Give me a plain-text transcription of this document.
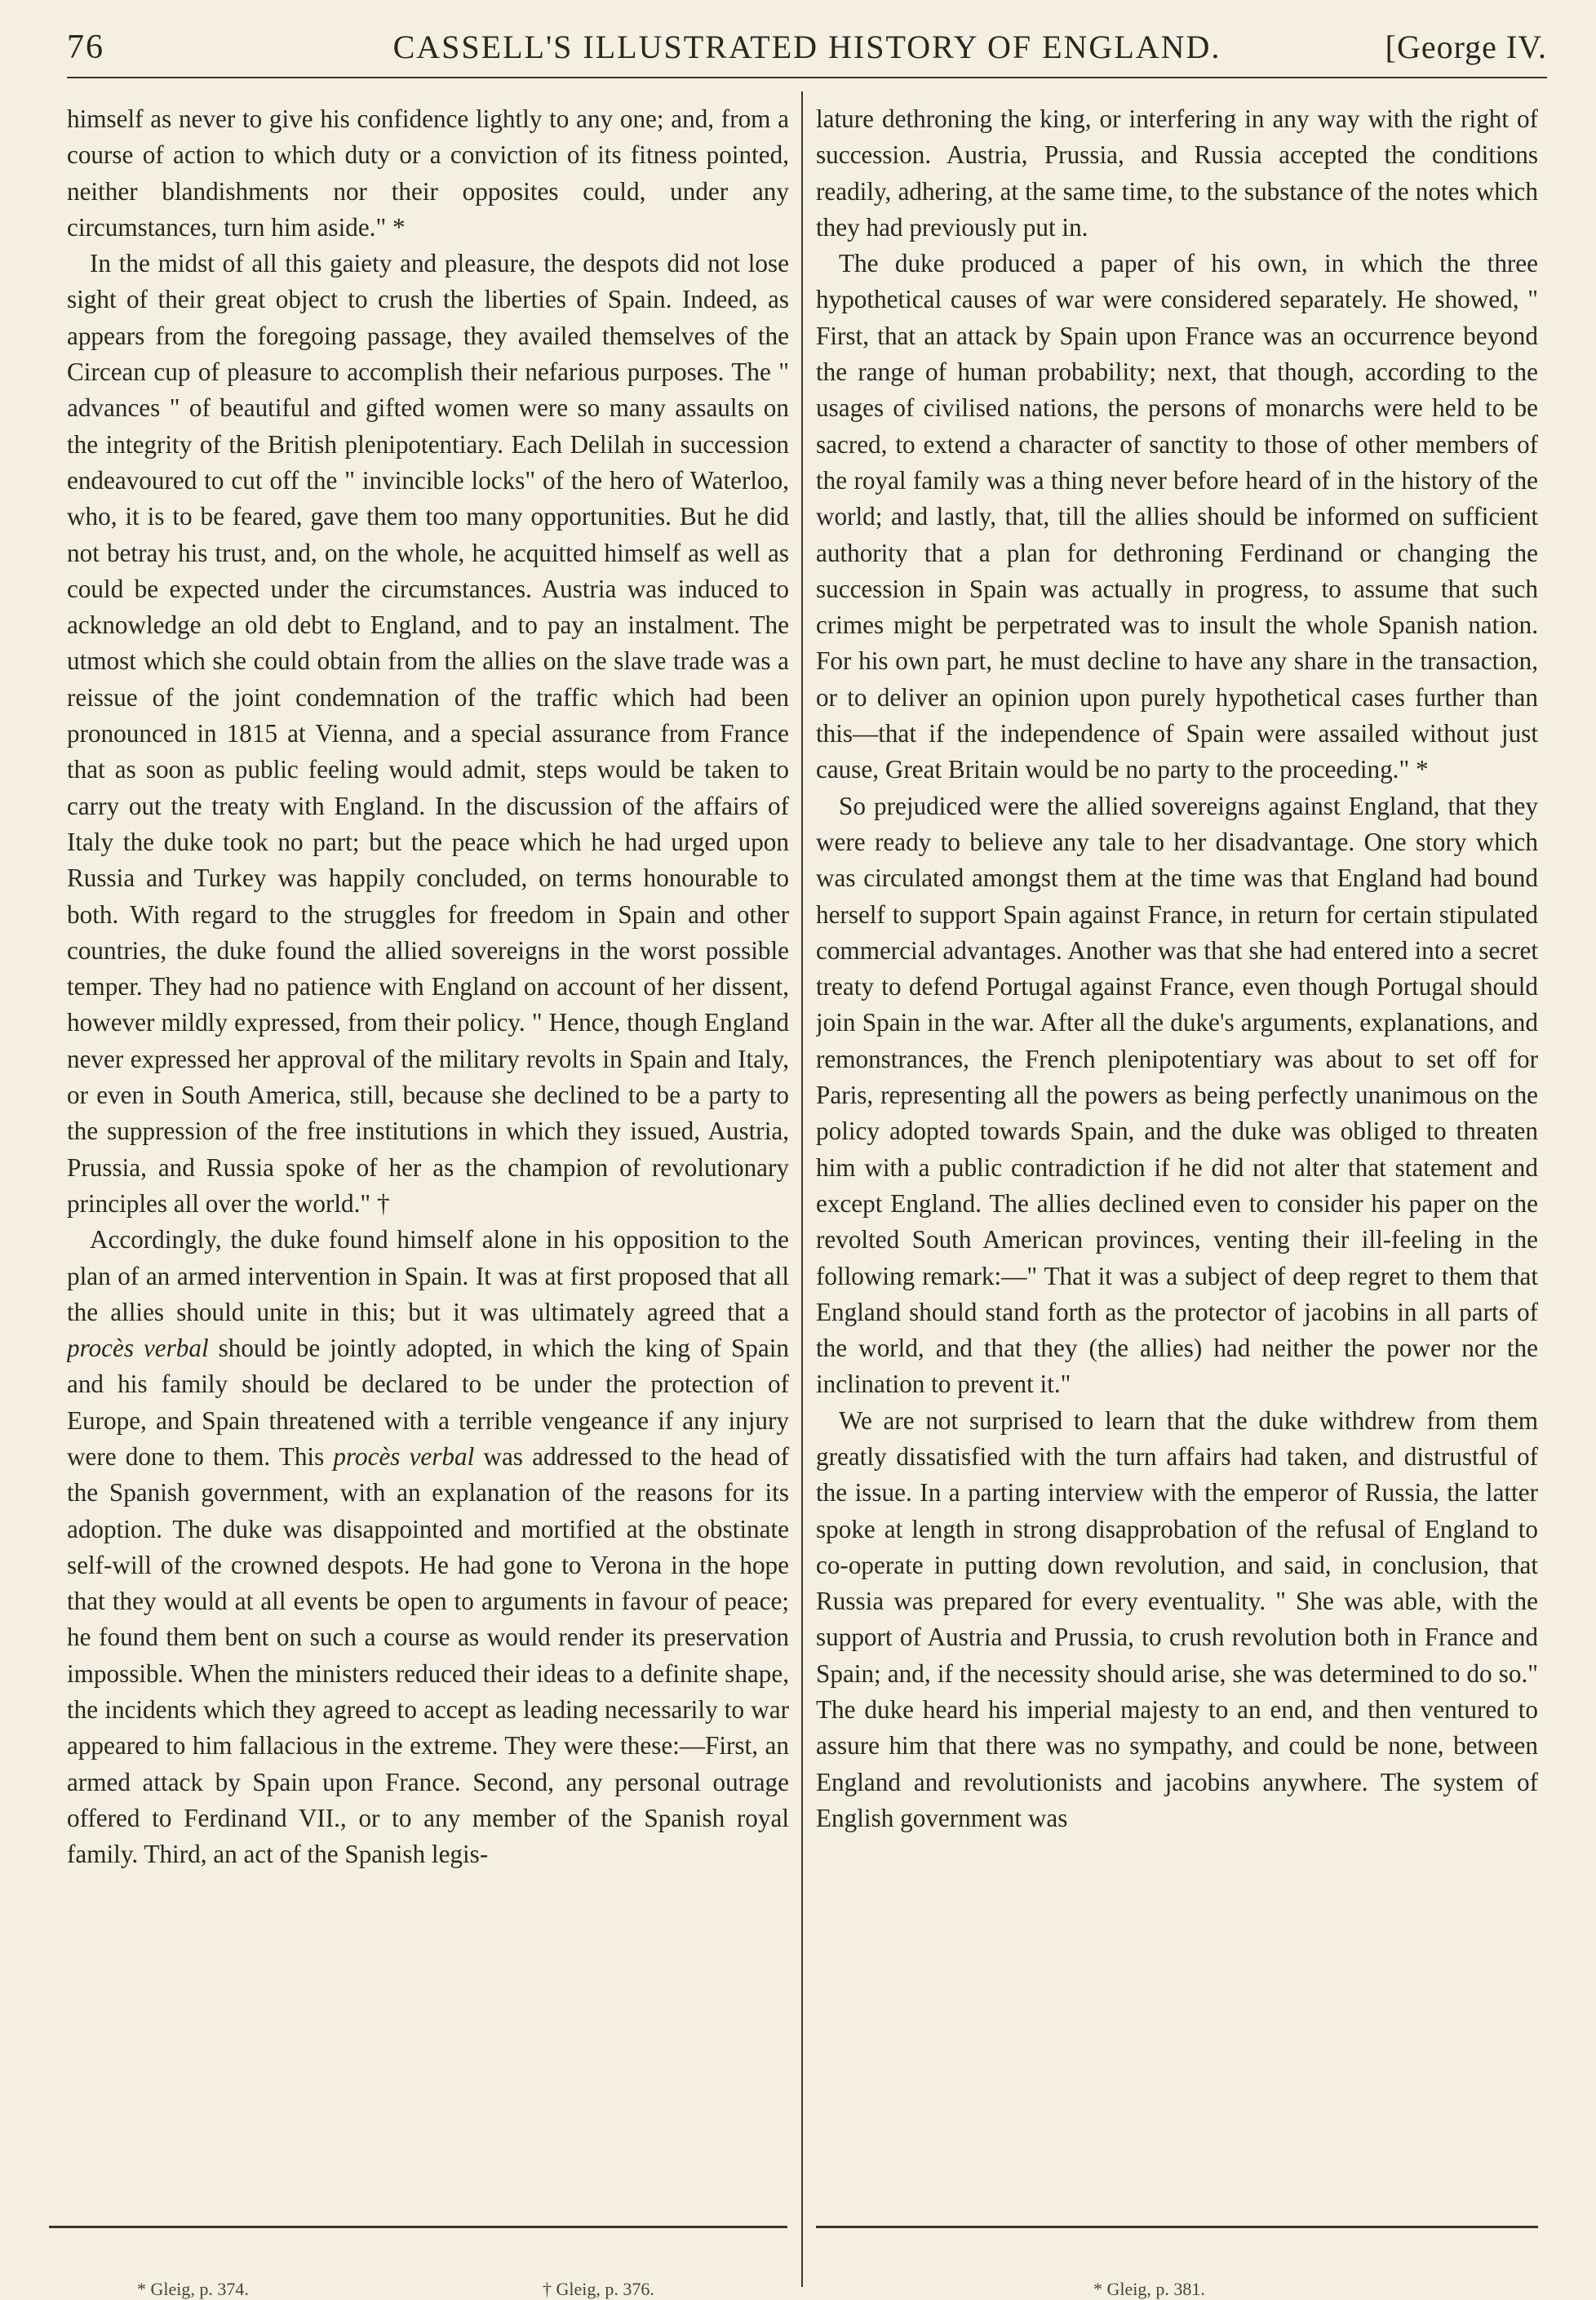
76	CASSELL'S ILLUSTRATED HISTORY OF ENGLAND.	[George IV.

himself as never to give his confidence lightly to any one; and, from a course of action to which duty or a conviction of its fitness pointed, neither blandishments nor their opposites could, under any circumstances, turn him aside." *

In the midst of all this gaiety and pleasure, the despots did not lose sight of their great object to crush the liberties of Spain. Indeed, as appears from the foregoing passage, they availed themselves of the Circean cup of pleasure to accomplish their nefarious purposes. The " advances " of beautiful and gifted women were so many assaults on the integrity of the British plenipotentiary. Each Delilah in succession endeavoured to cut off the " invincible locks" of the hero of Waterloo, who, it is to be feared, gave them too many opportunities. But he did not betray his trust, and, on the whole, he acquitted himself as well as could be expected under the circumstances. Austria was induced to acknowledge an old debt to England, and to pay an instalment. The utmost which she could obtain from the allies on the slave trade was a reissue of the joint condemnation of the traffic which had been pronounced in 1815 at Vienna, and a special assurance from France that as soon as public feeling would admit, steps would be taken to carry out the treaty with England. In the discussion of the affairs of Italy the duke took no part; but the peace which he had urged upon Russia and Turkey was happily concluded, on terms honourable to both. With regard to the struggles for freedom in Spain and other countries, the duke found the allied sovereigns in the worst possible temper. They had no patience with England on account of her dissent, however mildly expressed, from their policy. " Hence, though England never expressed her approval of the military revolts in Spain and Italy, or even in South America, still, because she declined to be a party to the suppression of the free institutions in which they issued, Austria, Prussia, and Russia spoke of her as the champion of revolutionary principles all over the world." †

Accordingly, the duke found himself alone in his opposition to the plan of an armed intervention in Spain. It was at first proposed that all the allies should unite in this; but it was ultimately agreed that a procès verbal should be jointly adopted, in which the king of Spain and his family should be declared to be under the protection of Europe, and Spain threatened with a terrible vengeance if any injury were done to them. This procès verbal was addressed to the head of the Spanish government, with an explanation of the reasons for its adoption. The duke was disappointed and mortified at the obstinate self-will of the crowned despots. He had gone to Verona in the hope that they would at all events be open to arguments in favour of peace; he found them bent on such a course as would render its preservation impossible. When the ministers reduced their ideas to a definite shape, the incidents which they agreed to accept as leading necessarily to war appeared to him fallacious in the extreme. They were these:—First, an armed attack by Spain upon France. Second, any personal outrage offered to Ferdinand VII., or to any member of the Spanish royal family. Third, an act of the Spanish legis-

lature dethroning the king, or interfering in any way with the right of succession. Austria, Prussia, and Russia accepted the conditions readily, adhering, at the same time, to the substance of the notes which they had previously put in.

The duke produced a paper of his own, in which the three hypothetical causes of war were considered separately. He showed, " First, that an attack by Spain upon France was an occurrence beyond the range of human probability; next, that though, according to the usages of civilised nations, the persons of monarchs were held to be sacred, to extend a character of sanctity to those of other members of the royal family was a thing never before heard of in the history of the world; and lastly, that, till the allies should be informed on sufficient authority that a plan for dethroning Ferdinand or changing the succession in Spain was actually in progress, to assume that such crimes might be perpetrated was to insult the whole Spanish nation. For his own part, he must decline to have any share in the transaction, or to deliver an opinion upon purely hypothetical cases further than this—that if the independence of Spain were assailed without just cause, Great Britain would be no party to the proceeding." *

So prejudiced were the allied sovereigns against England, that they were ready to believe any tale to her disadvantage. One story which was circulated amongst them at the time was that England had bound herself to support Spain against France, in return for certain stipulated commercial advantages. Another was that she had entered into a secret treaty to defend Portugal against France, even though Portugal should join Spain in the war. After all the duke's arguments, explanations, and remonstrances, the French plenipotentiary was about to set off for Paris, representing all the powers as being perfectly unanimous on the policy adopted towards Spain, and the duke was obliged to threaten him with a public contradiction if he did not alter that statement and except England. The allies declined even to consider his paper on the revolted South American provinces, venting their ill-feeling in the following remark:—" That it was a subject of deep regret to them that England should stand forth as the protector of jacobins in all parts of the world, and that they (the allies) had neither the power nor the inclination to prevent it."

We are not surprised to learn that the duke withdrew from them greatly dissatisfied with the turn affairs had taken, and distrustful of the issue. In a parting interview with the emperor of Russia, the latter spoke at length in strong disapprobation of the refusal of England to co-operate in putting down revolution, and said, in conclusion, that Russia was prepared for every eventuality. " She was able, with the support of Austria and Prussia, to crush revolution both in France and Spain; and, if the necessity should arise, she was determined to do so." The duke heard his imperial majesty to an end, and then ventured to assure him that there was no sympathy, and could be none, between England and revolutionists and jacobins anywhere. The system of English government was

* Gleig, p. 374.	† Gleig, p. 376.	* Gleig, p. 381.
